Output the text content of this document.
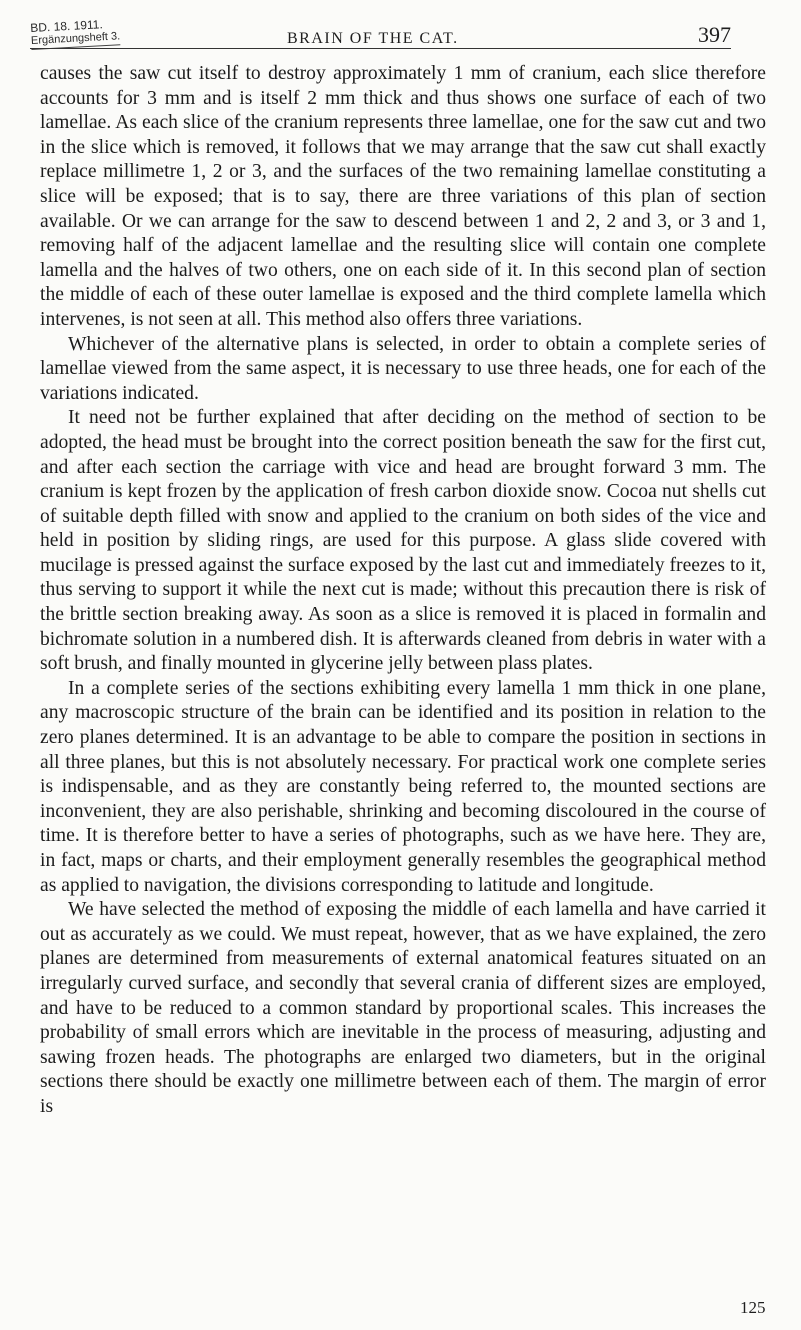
BD. 18. 1911.
Ergänzungsheft 3.	BRAIN OF THE CAT.	397

causes the saw cut itself to destroy approximately 1 mm of cranium, each slice therefore accounts for 3 mm and is itself 2 mm thick and thus shows one surface of each of two lamellae. As each slice of the cranium represents three lamellae, one for the saw cut and two in the slice which is removed, it follows that we may arrange that the saw cut shall exactly replace millimetre 1, 2 or 3, and the surfaces of the two remaining lamellae constituting a slice will be exposed; that is to say, there are three variations of this plan of section available. Or we can arrange for the saw to descend between 1 and 2, 2 and 3, or 3 and 1, removing half of the adjacent lamellae and the resulting slice will contain one complete lamella and the halves of two others, one on each side of it. In this second plan of section the middle of each of these outer lamellae is exposed and the third complete lamella which intervenes, is not seen at all. This method also offers three variations.

Whichever of the alternative plans is selected, in order to obtain a complete series of lamellae viewed from the same aspect, it is necessary to use three heads, one for each of the variations indicated.

It need not be further explained that after deciding on the method of section to be adopted, the head must be brought into the correct position beneath the saw for the first cut, and after each section the carriage with vice and head are brought forward 3 mm. The cranium is kept frozen by the application of fresh carbon dioxide snow. Cocoa nut shells cut of suitable depth filled with snow and applied to the cranium on both sides of the vice and held in position by sliding rings, are used for this purpose. A glass slide covered with mucilage is pressed against the surface exposed by the last cut and immediately freezes to it, thus serving to support it while the next cut is made; without this precaution there is risk of the brittle section breaking away. As soon as a slice is removed it is placed in formalin and bichromate solution in a numbered dish. It is afterwards cleaned from debris in water with a soft brush, and finally mounted in glycerine jelly between plass plates.

In a complete series of the sections exhibiting every lamella 1 mm thick in one plane, any macroscopic structure of the brain can be identified and its position in relation to the zero planes determined. It is an advantage to be able to compare the position in sections in all three planes, but this is not absolutely necessary. For practical work one complete series is indispensable, and as they are constantly being referred to, the mounted sections are inconvenient, they are also perishable, shrinking and becoming discoloured in the course of time. It is therefore better to have a series of photographs, such as we have here. They are, in fact, maps or charts, and their employment generally resembles the geographical method as applied to navigation, the divisions corresponding to latitude and longitude.

We have selected the method of exposing the middle of each lamella and have carried it out as accurately as we could. We must repeat, however, that as we have explained, the zero planes are determined from measurements of external anatomical features situated on an irregularly curved surface, and secondly that several crania of different sizes are employed, and have to be reduced to a common standard by proportional scales. This increases the probability of small errors which are inevitable in the process of measuring, adjusting and sawing frozen heads. The photographs are enlarged two diameters, but in the original sections there should be exactly one millimetre between each of them. The margin of error is

125
